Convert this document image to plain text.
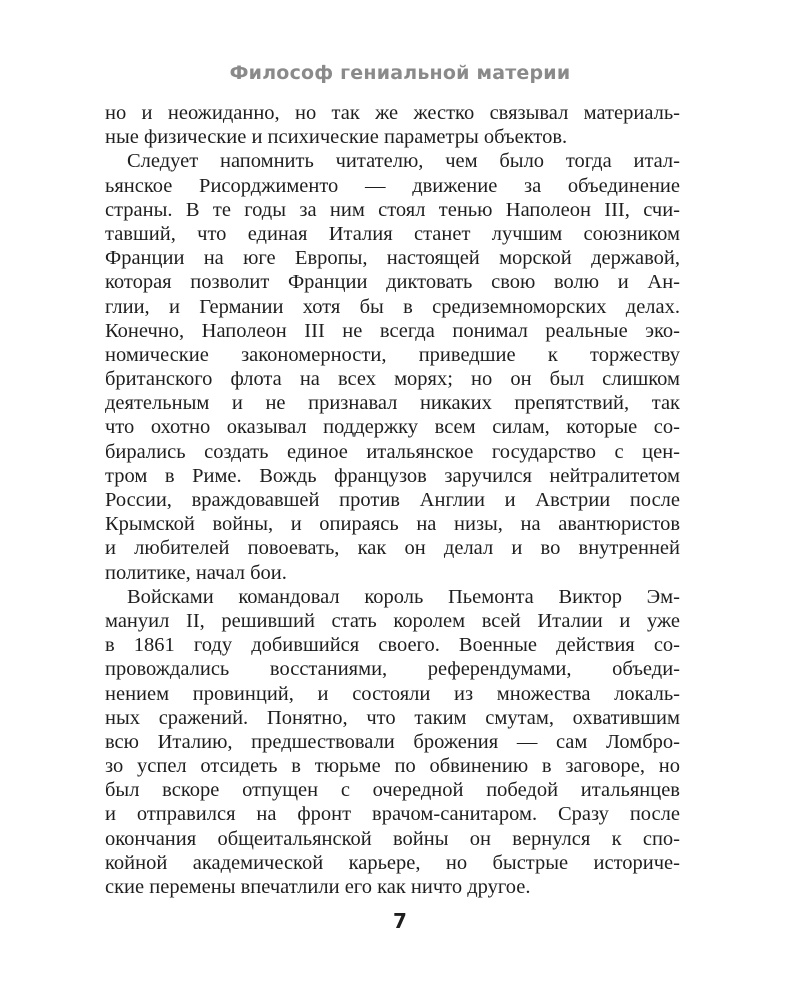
Философ гениальной материи
но и неожиданно, но так же жестко связывал материаль-
ные физические и психические параметры объектов.
Следует напомнить читателю, чем было тогда итал-
ьянское Рисорджименто — движение за объединение
страны. В те годы за ним стоял тенью Наполеон III, счи-
тавший, что единая Италия станет лучшим союзником
Франции на юге Европы, настоящей морской державой,
которая позволит Франции диктовать свою волю и Ан-
глии, и Германии хотя бы в средиземноморских делах.
Конечно, Наполеон III не всегда понимал реальные эко-
номические закономерности, приведшие к торжеству
британского флота на всех морях; но он был слишком
деятельным и не признавал никаких препятствий, так
что охотно оказывал поддержку всем силам, которые со-
бирались создать единое итальянское государство с цен-
тром в Риме. Вождь французов заручился нейтралитетом
России, враждовавшей против Англии и Австрии после
Крымской войны, и опираясь на низы, на авантюристов
и любителей повоевать, как он делал и во внутренней
политике, начал бои.
Войсками командовал король Пьемонта Виктор Эм-
мануил II, решивший стать королем всей Италии и уже
в 1861 году добившийся своего. Военные действия со-
провождались восстаниями, референдумами, объеди-
нением провинций, и состояли из множества локаль-
ных сражений. Понятно, что таким смутам, охватившим
всю Италию, предшествовали брожения — сам Ломбро-
зо успел отсидеть в тюрьме по обвинению в заговоре, но
был вскоре отпущен с очередной победой итальянцев
и отправился на фронт врачом-санитаром. Сразу после
окончания общеитальянской войны он вернулся к спо-
койной академической карьере, но быстрые историче-
ские перемены впечатлили его как ничто другое.
7
